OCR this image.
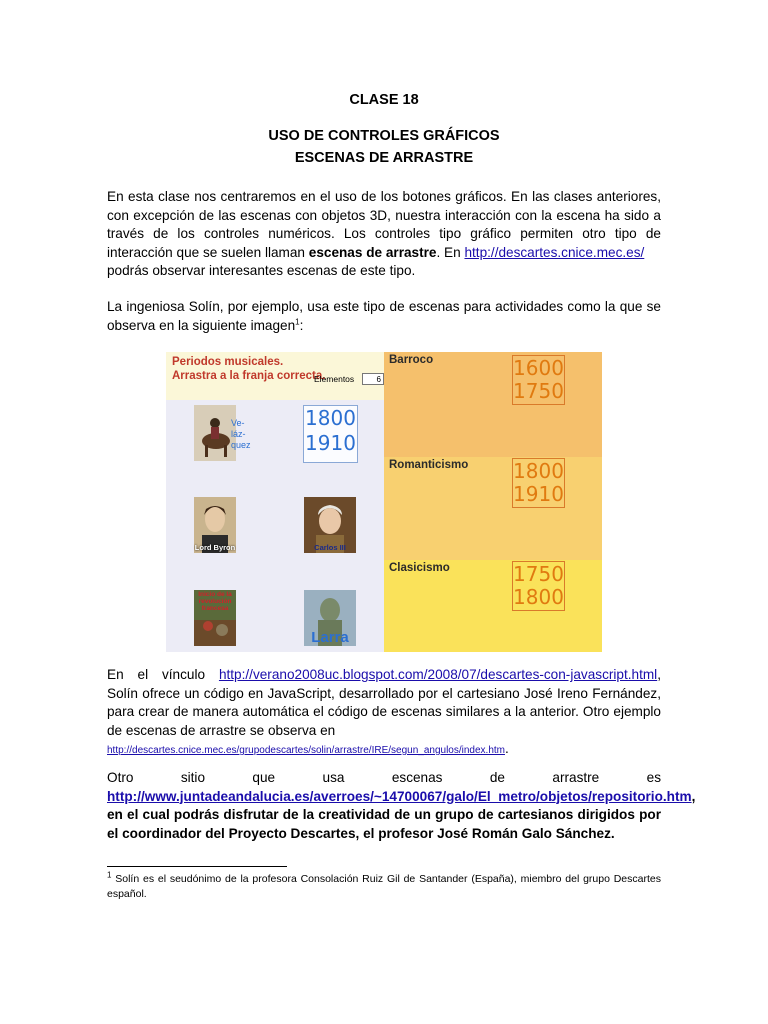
CLASE 18
USO DE CONTROLES GRÁFICOS
ESCENAS DE ARRASTRE

En esta clase nos centraremos en el uso de los botones gráficos. En las clases anteriores, con excepción de las escenas con objetos 3D, nuestra interacción con la escena ha sido a través de los controles numéricos. Los controles tipo gráfico permiten otro tipo de interacción que se suelen llaman escenas de arrastre. En http://descartes.cnice.mec.es/
podrás observar interesantes escenas de este tipo.

La ingeniosa Solín, por ejemplo, usa este tipo de escenas para actividades como la que se observa en la siguiente imagen$^1$:

Periodos musicales.
Arrastra a la franja correcta.
Elementos	6
Ve-
láz-
quez
1800
1910
Lord Byron	Carlos III
Inicio de la revolución francesa
Larra
Barroco	1600
1750
Romanticismo 1800
1910
Clasicismo	1750
1800

En el vínculo http://verano2008uc.blogspot.com/2008/07/descartes-con-javascript.html, Solín ofrece un código en JavaScript, desarrollado por el cartesiano José Ireno Fernández, para crear de manera automática el código de escenas similares a la anterior. Otro ejemplo de escenas de arrastre se observa en
http://descartes.cnice.mec.es/grupodescartes/solin/arrastre/IRE/segun_angulos/index.htm.

Otro sitio que usa escenas de arrastre es

http://www.juntadeandalucia.es/averroes/~14700067/galo/El_metro/objetos/repositorio.htm, en el cual podrás disfrutar de la creatividad de un grupo de cartesianos dirigidos por el coordinador del Proyecto Descartes, el profesor José Román Galo Sánchez.

$^1$ Solín es el seudónimo de la profesora Consolación Ruiz Gil de Santander (España), miembro del grupo Descartes español.
